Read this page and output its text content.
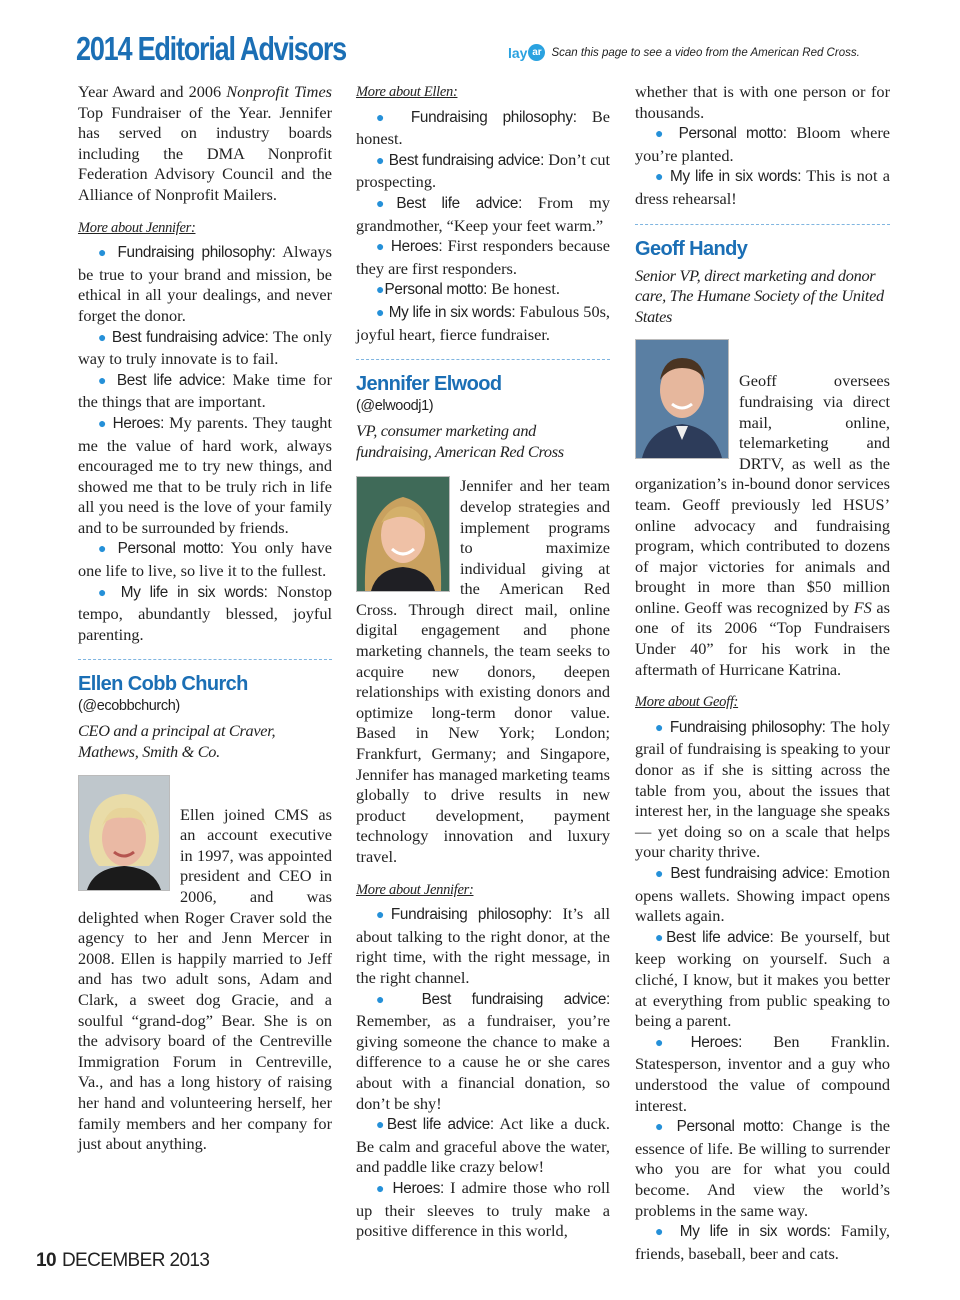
2014 Editorial Advisors	lay ar Scan this page to see a video from the American Red Cross.

Year Award and 2006 Nonprofit Times Top Fundraiser of the Year. Jennifer has served on industry boards including the DMA Nonprofit Federation Advisory Council and the Alliance of Nonprofit Mailers.

More about Jennifer:

● Fundraising philosophy: Always be true to your brand and mission, be ethical in all your dealings, and never forget the donor.

● Best fundraising advice: The only way to truly innovate is to fail.

● Best life advice: Make time for the things that are important.

● Heroes: My parents. They taught me the value of hard work, always encouraged me to try new things, and showed me that to be truly rich in life all you need is the love of your family and to be surrounded by friends.

● Personal motto: You only have one life to live, so live it to the fullest.

● My life in six words: Nonstop tempo, abundantly blessed, joyful parenting.

Ellen Cobb Church
(@ecobbchurch)
CEO and a principal at Craver, Mathews, Smith & Co.

Ellen joined CMS as an account executive in 1997, was appointed president and CEO in 2006, and was delighted when Roger Craver sold the agency to her and Jenn Mercer in 2008. Ellen is happily married to Jeff and has two adult sons, Adam and Clark, a sweet dog Gracie, and a soulful “grand-dog” Bear. She is on the advisory board of the Centreville Immigration Forum in Centreville, Va., and has a long history of raising her hand and volunteering herself, her family members and her company for just about anything.

More about Ellen:

● Fundraising philosophy: Be honest.

● Best fundraising advice: Don’t cut prospecting.

●Best life advice: From my grandmother, “Keep your feet warm.”

● Heroes: First responders because they are first responders.

●Personal motto: Be honest.

● My life in six words: Fabulous 50s, joyful heart, fierce fundraiser.

Jennifer Elwood
(@elwoodj1)
VP, consumer marketing and fundraising, American Red Cross

Jennifer and her team develop strategies and implement programs to maximize individual giving at the American Red Cross. Through direct mail, online digital engagement and phone marketing channels, the team seeks to acquire new donors, deepen relationships with existing donors and optimize long-term donor value. Based in New York; London; Frankfurt, Germany; and Singapore, Jennifer has managed marketing teams globally to drive results in new product development, payment technology innovation and luxury travel.

More about Jennifer:

●Fundraising philosophy: It’s all about talking to the right donor, at the right time, with the right message, in the right channel.

● Best fundraising advice: Remember, as a fundraiser, you’re giving someone the chance to make a difference to a cause he or she cares about with a financial donation, so don’t be shy!

●Best life advice: Act like a duck. Be calm and graceful above the water, and paddle like crazy below!

● Heroes: I admire those who roll up their sleeves to truly make a positive difference in this world,

whether that is with one person or for thousands.

● Personal motto: Bloom where you’re planted.

● My life in six words: This is not a dress rehearsal!

Geoff Handy
Senior VP, direct marketing and donor care, The Humane Society of the United States

Geoff oversees fundraising via direct mail, online, telemarketing and DRTV, as well as the organization’s in-bound donor services team. Geoff previously led HSUS’ online advocacy and fundraising program, which contributed to dozens of major victories for animals and brought in more than $50 million online. Geoff was recognized by FS as one of its 2006 “Top Fundraisers Under 40” for his work in the aftermath of Hurricane Katrina.

More about Geoff:

● Fundraising philosophy: The holy grail of fundraising is speaking to your donor as if she is sitting across the table from you, about the issues that interest her, in the language she speaks — yet doing so on a scale that helps your charity thrive.

● Best fundraising advice: Emotion opens wallets. Showing impact opens wallets again.

●Best life advice: Be yourself, but keep working on yourself. Such a cliché, I know, but it makes you better at everything from public speaking to being a parent.

●Heroes: Ben Franklin. Statesperson, inventor and a guy who understood the value of compound interest.

● Personal motto: Change is the essence of life. Be willing to surrender who you are for what you could become. And view the world’s problems in the same way.

● My life in six words: Family, friends, baseball, beer and cats.

10 DECEMBER 2013
